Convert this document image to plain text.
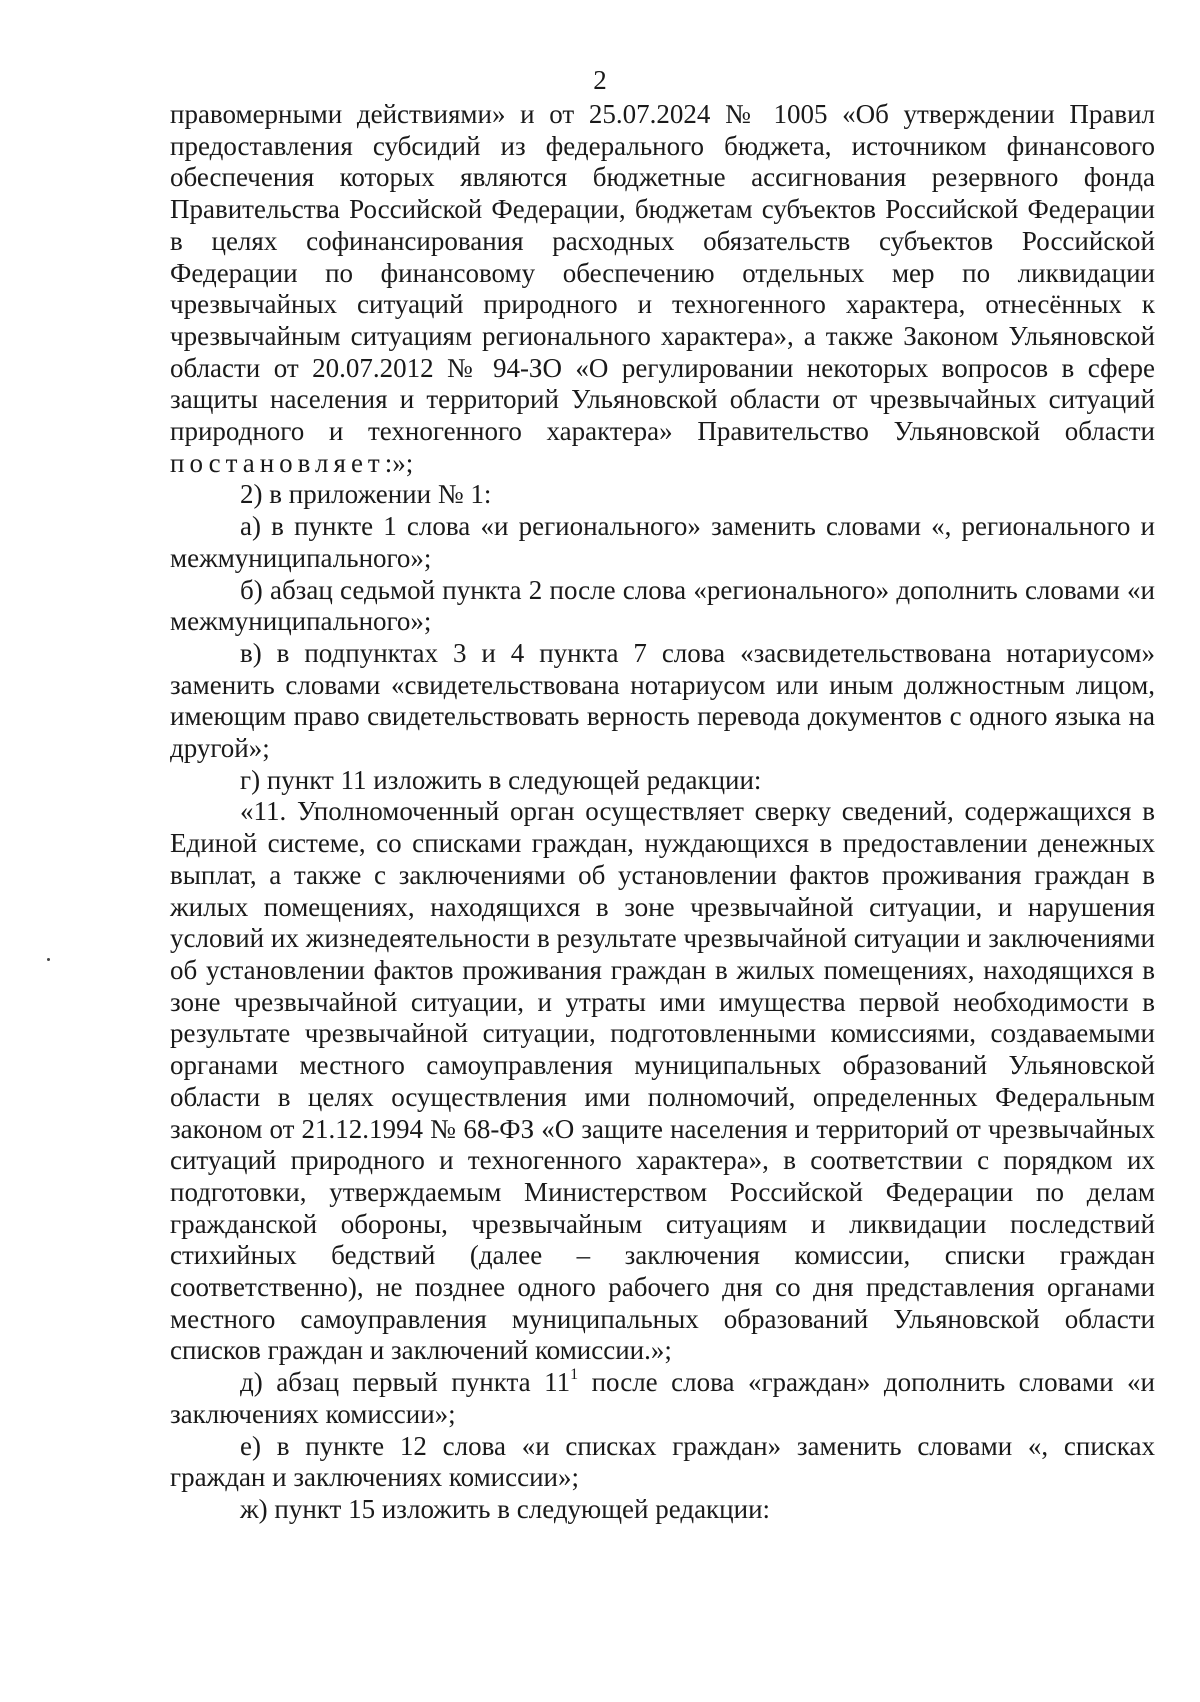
2

правомерными действиями» и от 25.07.2024 № 1005 «Об утверждении Правил предоставления субсидий из федерального бюджета, источником финансового обеспечения которых являются бюджетные ассигнования резервного фонда Правительства Российской Федерации, бюджетам субъектов Российской Федерации в целях софинансирования расходных обязательств субъектов Российской Федерации по финансовому обеспечению отдельных мер по ликвидации чрезвычайных ситуаций природного и техногенного характера, отнесённых к чрезвычайным ситуациям регионального характера», а также Законом Ульяновской области от 20.07.2012 № 94-ЗО «О регулировании некоторых вопросов в сфере защиты населения и территорий Ульяновской области от чрезвычайных ситуаций природного и техногенного характера» Правительство Ульяновской области постановляет:»;

2) в приложении № 1:

а) в пункте 1 слова «и регионального» заменить словами «, регионального и межмуниципального»;

б) абзац седьмой пункта 2 после слова «регионального» дополнить словами «и межмуниципального»;

в) в подпунктах 3 и 4 пункта 7 слова «засвидетельствована нотариусом» заменить словами «свидетельствована нотариусом или иным должностным лицом, имеющим право свидетельствовать верность перевода документов с одного языка на другой»;

г) пункт 11 изложить в следующей редакции:

«11. Уполномоченный орган осуществляет сверку сведений, содержащихся в Единой системе, со списками граждан, нуждающихся в предоставлении денежных выплат, а также с заключениями об установлении фактов проживания граждан в жилых помещениях, находящихся в зоне чрезвычайной ситуации, и нарушения условий их жизнедеятельности в результате чрезвычайной ситуации и заключениями об установлении фактов проживания граждан в жилых помещениях, находящихся в зоне чрезвычайной ситуации, и утраты ими имущества первой необходимости в результате чрезвычайной ситуации, подготовленными комиссиями, создаваемыми органами местного самоуправления муниципальных образований Ульяновской области в целях осуществления ими полномочий, определенных Федеральным законом от 21.12.1994 № 68-ФЗ «О защите населения и территорий от чрезвычайных ситуаций природного и техногенного характера», в соответствии с порядком их подготовки, утверждаемым Министерством Российской Федерации по делам гражданской обороны, чрезвычайным ситуациям и ликвидации последствий стихийных бедствий (далее – заключения комиссии, списки граждан соответственно), не позднее одного рабочего дня со дня представления органами местного самоуправления муниципальных образований Ульяновской области списков граждан и заключений комиссии.»;

д) абзац первый пункта $11^1$ после слова «граждан» дополнить словами «и заключениях комиссии»;

е) в пункте 12 слова «и списках граждан» заменить словами «, списках граждан и заключениях комиссии»;

ж) пункт 15 изложить в следующей редакции:
